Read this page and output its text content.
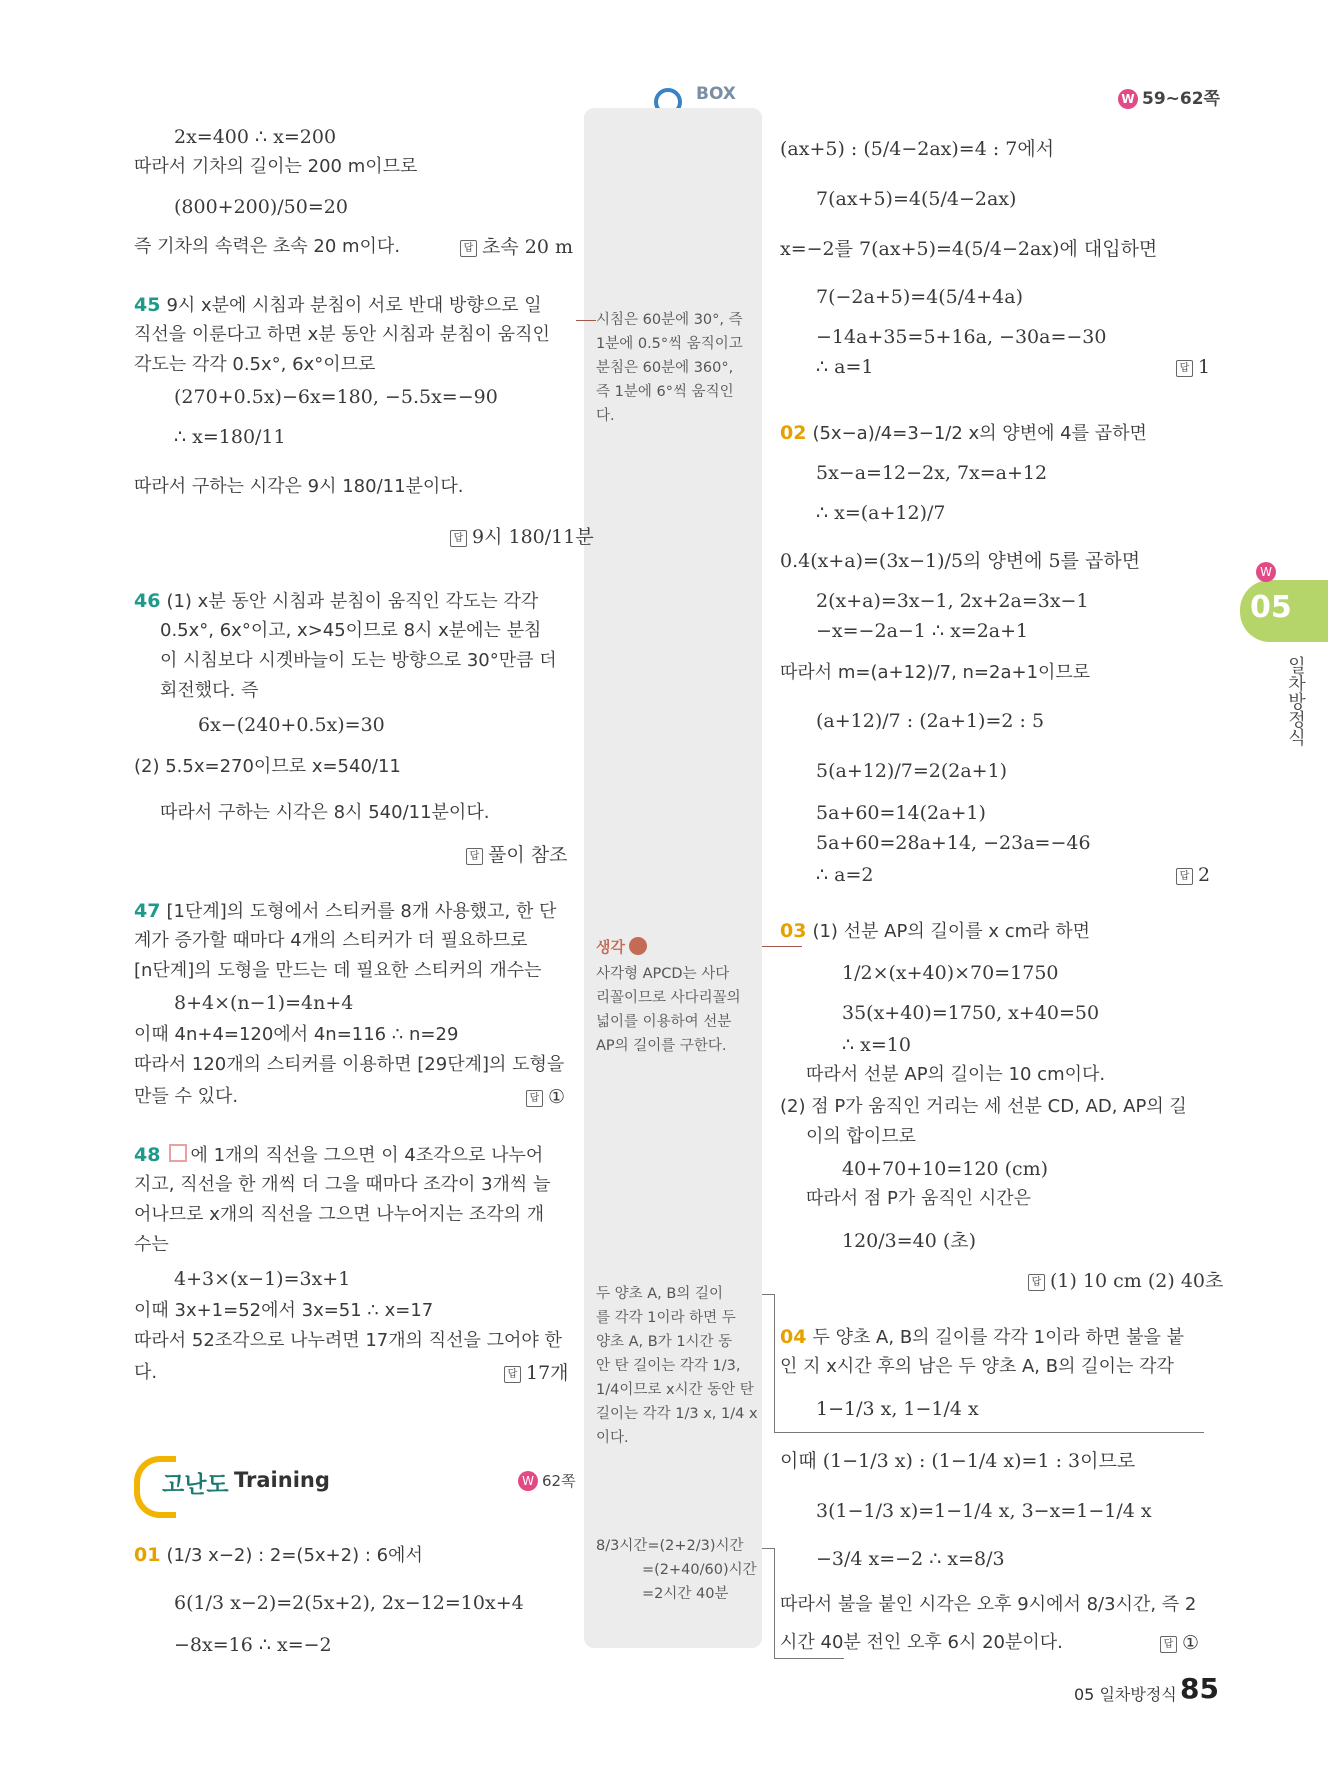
BOX	W 59~62쪽
W
05
일차방정식
2x=400 ∴ x=200
따라서 기차의 길이는 200 m이므로
(800+200)/50=20
즉 기차의 속력은 초속 20 m이다.	답 초속 20 m
45 9시 x분에 시침과 분침이 서로 반대 방향으로 일
직선을 이룬다고 하면 x분 동안 시침과 분침이 움직인
각도는 각각 0.5x°, 6x°이므로
(270+0.5x)−6x=180, −5.5x=−90
∴ x=180/11
따라서 구하는 시각은 9시 180/11분이다.
답 9시 180/11분
46 (1) x분 동안 시침과 분침이 움직인 각도는 각각
0.5x°, 6x°이고, x>45이므로 8시 x분에는 분침
이 시침보다 시곗바늘이 도는 방향으로 30°만큼 더
회전했다. 즉
6x−(240+0.5x)=30
(2) 5.5x=270이므로 x=540/11
따라서 구하는 시각은 8시 540/11분이다.
답 풀이 참조
47 [1단계]의 도형에서 스티커를 8개 사용했고, 한 단
계가 증가할 때마다 4개의 스티커가 더 필요하므로
[n단계]의 도형을 만드는 데 필요한 스티커의 개수는
8+4×(n−1)=4n+4
이때 4n+4=120에서 4n=116 ∴ n=29
따라서 120개의 스티커를 이용하면 [29단계]의 도형을
만들 수 있다.	답 ①
48 에 1개의 직선을 그으면 이 4조각으로 나누어
지고, 직선을 한 개씩 더 그을 때마다 조각이 3개씩 늘
어나므로 x개의 직선을 그으면 나누어지는 조각의 개
수는
4+3×(x−1)=3x+1
이때 3x+1=52에서 3x=51 ∴ x=17
따라서 52조각으로 나누려면 17개의 직선을 그어야 한
다.	답 17개
고난도 Training	W 62쪽
01 (1/3 x−2) : 2=(5x+2) : 6에서
6(1/3 x−2)=2(5x+2), 2x−12=10x+4
−8x=16 ∴ x=−2
시침은 60분에 30°, 즉
1분에 0.5°씩 움직이고
분침은 60분에 360°,
즉 1분에 6°씩 움직인
다.
생각
사각형 APCD는 사다
리꼴이므로 사다리꼴의
넓이를 이용하여 선분
AP의 길이를 구한다.
두 양초 A, B의 길이
를 각각 1이라 하면 두
양초 A, B가 1시간 동
안 탄 길이는 각각 1/3,
1/4이므로 x시간 동안 탄
길이는 각각 1/3 x, 1/4 x
이다.
8/3시간=(2+2/3)시간
=(2+40/60)시간
=2시간 40분
(ax+5) : (5/4−2ax)=4 : 7에서
7(ax+5)=4(5/4−2ax)
x=−2를 7(ax+5)=4(5/4−2ax)에 대입하면
7(−2a+5)=4(5/4+4a)
−14a+35=5+16a, −30a=−30
∴ a=1	답 1
02 (5x−a)/4=3−1/2 x의 양변에 4를 곱하면
5x−a=12−2x, 7x=a+12
∴ x=(a+12)/7
0.4(x+a)=(3x−1)/5의 양변에 5를 곱하면
2(x+a)=3x−1, 2x+2a=3x−1
−x=−2a−1 ∴ x=2a+1
따라서 m=(a+12)/7, n=2a+1이므로
(a+12)/7 : (2a+1)=2 : 5
5(a+12)/7=2(2a+1)
5a+60=14(2a+1)
5a+60=28a+14, −23a=−46
∴ a=2	답 2
03 (1) 선분 AP의 길이를 x cm라 하면
1/2×(x+40)×70=1750
35(x+40)=1750, x+40=50
∴ x=10
따라서 선분 AP의 길이는 10 cm이다.
(2) 점 P가 움직인 거리는 세 선분 CD, AD, AP의 길
이의 합이므로
40+70+10=120 (cm)
따라서 점 P가 움직인 시간은
120/3=40 (초)
답 (1) 10 cm (2) 40초
04 두 양초 A, B의 길이를 각각 1이라 하면 불을 붙
인 지 x시간 후의 남은 두 양초 A, B의 길이는 각각
1−1/3 x, 1−1/4 x
이때 (1−1/3 x) : (1−1/4 x)=1 : 3이므로
3(1−1/3 x)=1−1/4 x, 3−x=1−1/4 x
−3/4 x=−2 ∴ x=8/3
따라서 불을 붙인 시각은 오후 9시에서 8/3시간, 즉 2
시간 40분 전인 오후 6시 20분이다.	답 ①
05 일차방정식 85
